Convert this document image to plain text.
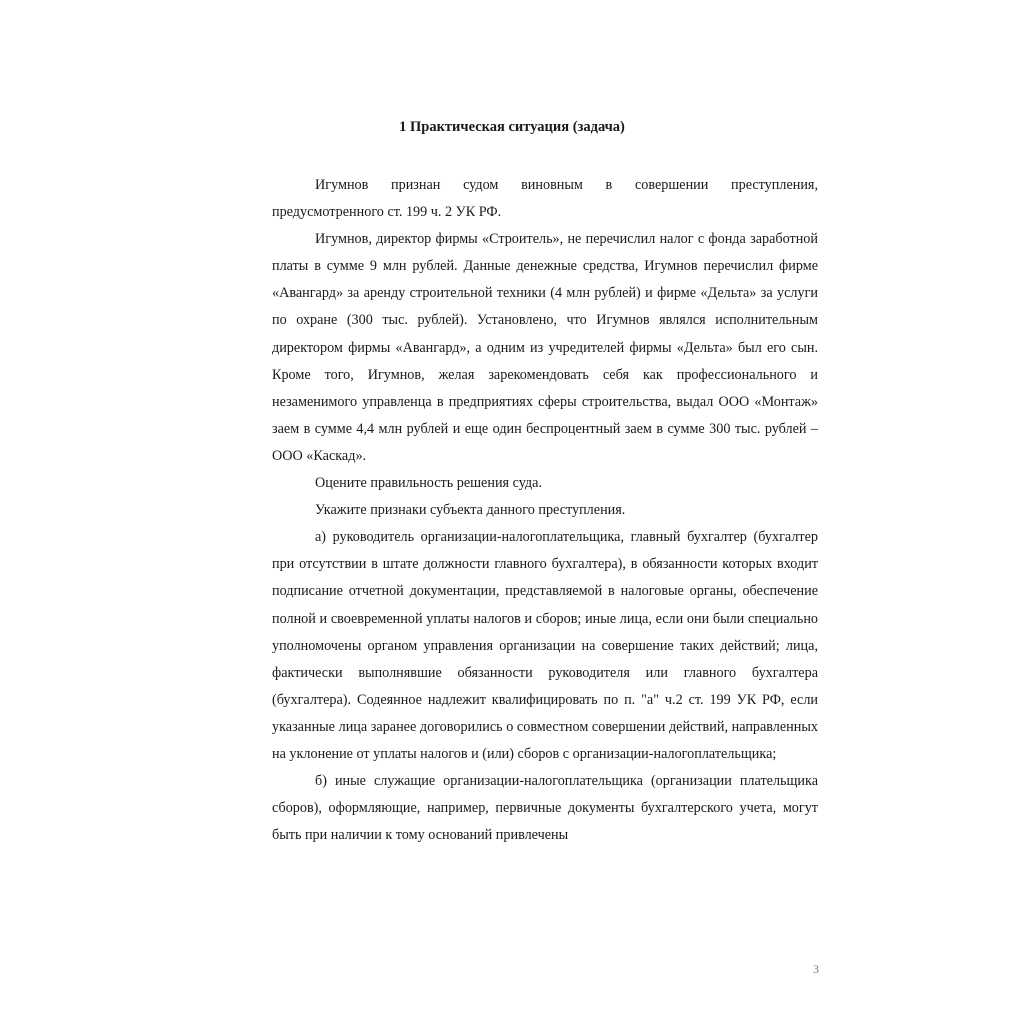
1 Практическая ситуация (задача)

Игумнов признан судом виновным в совершении преступления, предусмотренного ст. 199 ч. 2 УК РФ.

Игумнов, директор фирмы «Строитель», не перечислил налог с фонда заработной платы в сумме 9 млн рублей. Данные денежные средства, Игумнов перечислил фирме «Авангард» за аренду строительной техники (4 млн рублей) и фирме «Дельта» за услуги по охране (300 тыс. рублей). Установлено, что Игумнов являлся исполнительным директором фирмы «Авангард», а одним из учредителей фирмы «Дельта» был его сын. Кроме того, Игумнов, желая зарекомендовать себя как профессионального и незаменимого управленца в предприятиях сферы строительства, выдал ООО «Монтаж» заем в сумме 4,4 млн рублей и еще один беспроцентный заем в сумме 300 тыс. рублей – ООО «Каскад».

Оцените правильность решения суда.

Укажите признаки субъекта данного преступления.

а) руководитель организации-налогоплательщика, главный бухгалтер (бухгалтер при отсутствии в штате должности главного бухгалтера), в обязанности которых входит подписание отчетной документации, представляемой в налоговые органы, обеспечение полной и своевременной уплаты налогов и сборов; иные лица, если они были специально уполномочены органом управления организации на совершение таких действий; лица, фактически выполнявшие обязанности руководителя или главного бухгалтера (бухгалтера). Содеянное надлежит квалифицировать по п. "а" ч.2 ст. 199 УК РФ, если указанные лица заранее договорились о совместном совершении действий, направленных на уклонение от уплаты налогов и (или) сборов с организации-налогоплательщика;

б) иные служащие организации-налогоплательщика (организации плательщика сборов), оформляющие, например, первичные документы бухгалтерского учета, могут быть при наличии к тому оснований привлечены

3
